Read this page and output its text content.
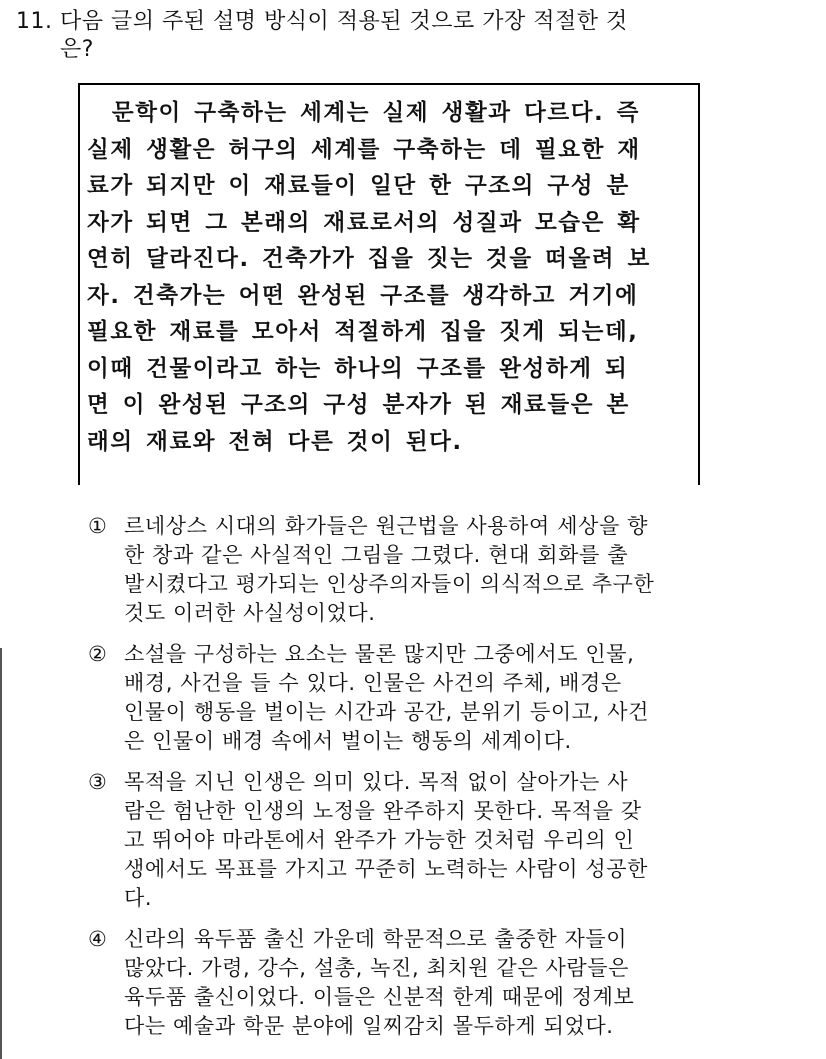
11. 다음 글의 주된 설명 방식이 적용된 것으로 가장 적절한 것
은?
문학이 구축하는 세계는 실제 생활과 다르다. 즉
실제 생활은 허구의 세계를 구축하는 데 필요한 재
료가 되지만 이 재료들이 일단 한 구조의 구성 분
자가 되면 그 본래의 재료로서의 성질과 모습은 확
연히 달라진다. 건축가가 집을 짓는 것을 떠올려 보
자. 건축가는 어떤 완성된 구조를 생각하고 거기에
필요한 재료를 모아서 적절하게 집을 짓게 되는데,
이때 건물이라고 하는 하나의 구조를 완성하게 되
면 이 완성된 구조의 구성 분자가 된 재료들은 본
래의 재료와 전혀 다른 것이 된다.
① 르네상스 시대의 화가들은 원근법을 사용하여 세상을 향
한 창과 같은 사실적인 그림을 그렸다. 현대 회화를 출
발시켰다고 평가되는 인상주의자들이 의식적으로 추구한
것도 이러한 사실성이었다.
② 소설을 구성하는 요소는 물론 많지만 그중에서도 인물,
배경, 사건을 들 수 있다. 인물은 사건의 주체, 배경은
인물이 행동을 벌이는 시간과 공간, 분위기 등이고, 사건
은 인물이 배경 속에서 벌이는 행동의 세계이다.
③ 목적을 지닌 인생은 의미 있다. 목적 없이 살아가는 사
람은 험난한 인생의 노정을 완주하지 못한다. 목적을 갖
고 뛰어야 마라톤에서 완주가 가능한 것처럼 우리의 인
생에서도 목표를 가지고 꾸준히 노력하는 사람이 성공한
다.
④ 신라의 육두품 출신 가운데 학문적으로 출중한 자들이
많았다. 가령, 강수, 설총, 녹진, 최치원 같은 사람들은
육두품 출신이었다. 이들은 신분적 한계 때문에 정계보
다는 예술과 학문 분야에 일찌감치 몰두하게 되었다.
